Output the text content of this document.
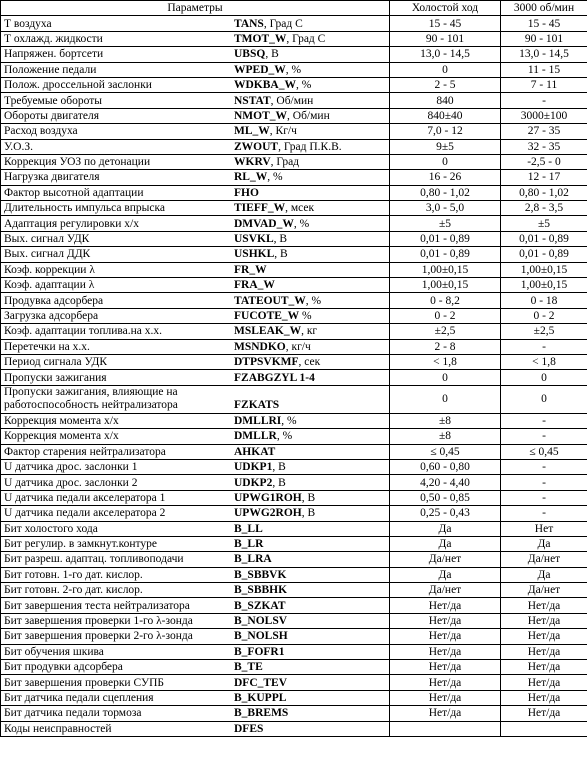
Параметры	Холостой ход	3000 об/мин

Т воздуха TANS, Град С	15 - 45	15 - 45

Т охлажд. жидкости TMOT_W, Град С	90 - 101	90 - 101

Напряжен. бортсети UBSQ, В	13,0 - 14,5	13,0 - 14,5

Положение педали WPED_W, %	0	11 - 15

Полож. дроссельной заслонки WDKBA_W, %	2 - 5	7 - 11

Требуемые обороты NSTAT, Об/мин	840	-

Обороты двигателя NMOT_W, Об/мин	840±40	3000±100

Расход воздуха ML_W, Кг/ч	7,0 - 12	27 - 35

У.О.З. ZWOUT, Град П.К.В.	9±5	32 - 35

Коррекция УОЗ по детонации WKRV, Град	0	-2,5 - 0

Нагрузка двигателя RL_W, %	16 - 26	12 - 17

Фактор высотной адаптации FHO	0,80 - 1,02	0,80 - 1,02

Длительность импульса впрыска TIEFF_W, мсек	3,0 - 5,0	2,8 - 3,5

Адаптация регулировки х/х DMVAD_W, %	±5	±5

Вых. сигнал УДК USVKL, В	0,01 - 0,89	0,01 - 0,89

Вых. сигнал ДДК USHKL, В	0,01 - 0,89	0,01 - 0,89

Коэф. коррекции λ FR_W	1,00±0,15	1,00±0,15

Коэф. адаптации λ FRA_W	1,00±0,15	1,00±0,15

Продувка адсорбера TATEOUT_W, %	0 - 8,2	0 - 18

Загрузка адсорбера FUCOTE_W %	0 - 2	0 - 2

Коэф. адаптации топлива.на х.х. MSLEAK_W, кг	±2,5	±2,5

Перетечки на х.х. MSNDKO, кг/ч	2 - 8	-

Период сигнала УДК DTPSVKMF, сек	< 1,8	< 1,8

Пропуски зажигания FZABGZYL 1-4	0	0

Пропуски зажигания, влияющие на работоспособность нейтрализатора FZKATS	0	0

Коррекция момента х/х DMLLRI, %	±8	-

Коррекция момента х/х DMLLR, %	±8	-

Фактор старения нейтрализатора AHKAT	≤ 0,45	≤ 0,45

U датчика дрос. заслонки 1 UDKP1, В	0,60 - 0,80	-

U датчика дрос. заслонки 2 UDKP2, В	4,20 - 4,40	-

U датчика педали акселератора 1 UPWG1ROH, В	0,50 - 0,85	-

U датчика педали акселератора 2 UPWG2ROH, В	0,25 - 0,43	-

Бит холостого хода B_LL	Да	Нет

Бит регулир. в замкнут.контуре B_LR	Да	Да

Бит разреш. адаптац. топливоподачи B_LRA	Да/нет	Да/нет

Бит готовн. 1-го дат. кислор. B_SBBVK	Да	Да

Бит готовн. 2-го дат. кислор. B_SBBHK	Да/нет	Да/нет

Бит завершения теста нейтрализатора B_SZKAT	Нет/да	Нет/да

Бит завершения проверки 1-го λ-зонда B_NOLSV	Нет/да	Нет/да

Бит завершения проверки 2-го λ-зонда B_NOLSH	Нет/да	Нет/да

Бит обучения шкива B_FOFR1	Нет/да	Нет/да

Бит продувки адсорбера B_TE	Нет/да	Нет/да

Бит завершения проверки СУПБ DFC_TEV	Нет/да	Нет/да

Бит датчика педали сцепления B_KUPPL	Нет/да	Нет/да

Бит датчика педали тормоза B_BREMS	Нет/да	Нет/да

Коды неисправностей DFES		
